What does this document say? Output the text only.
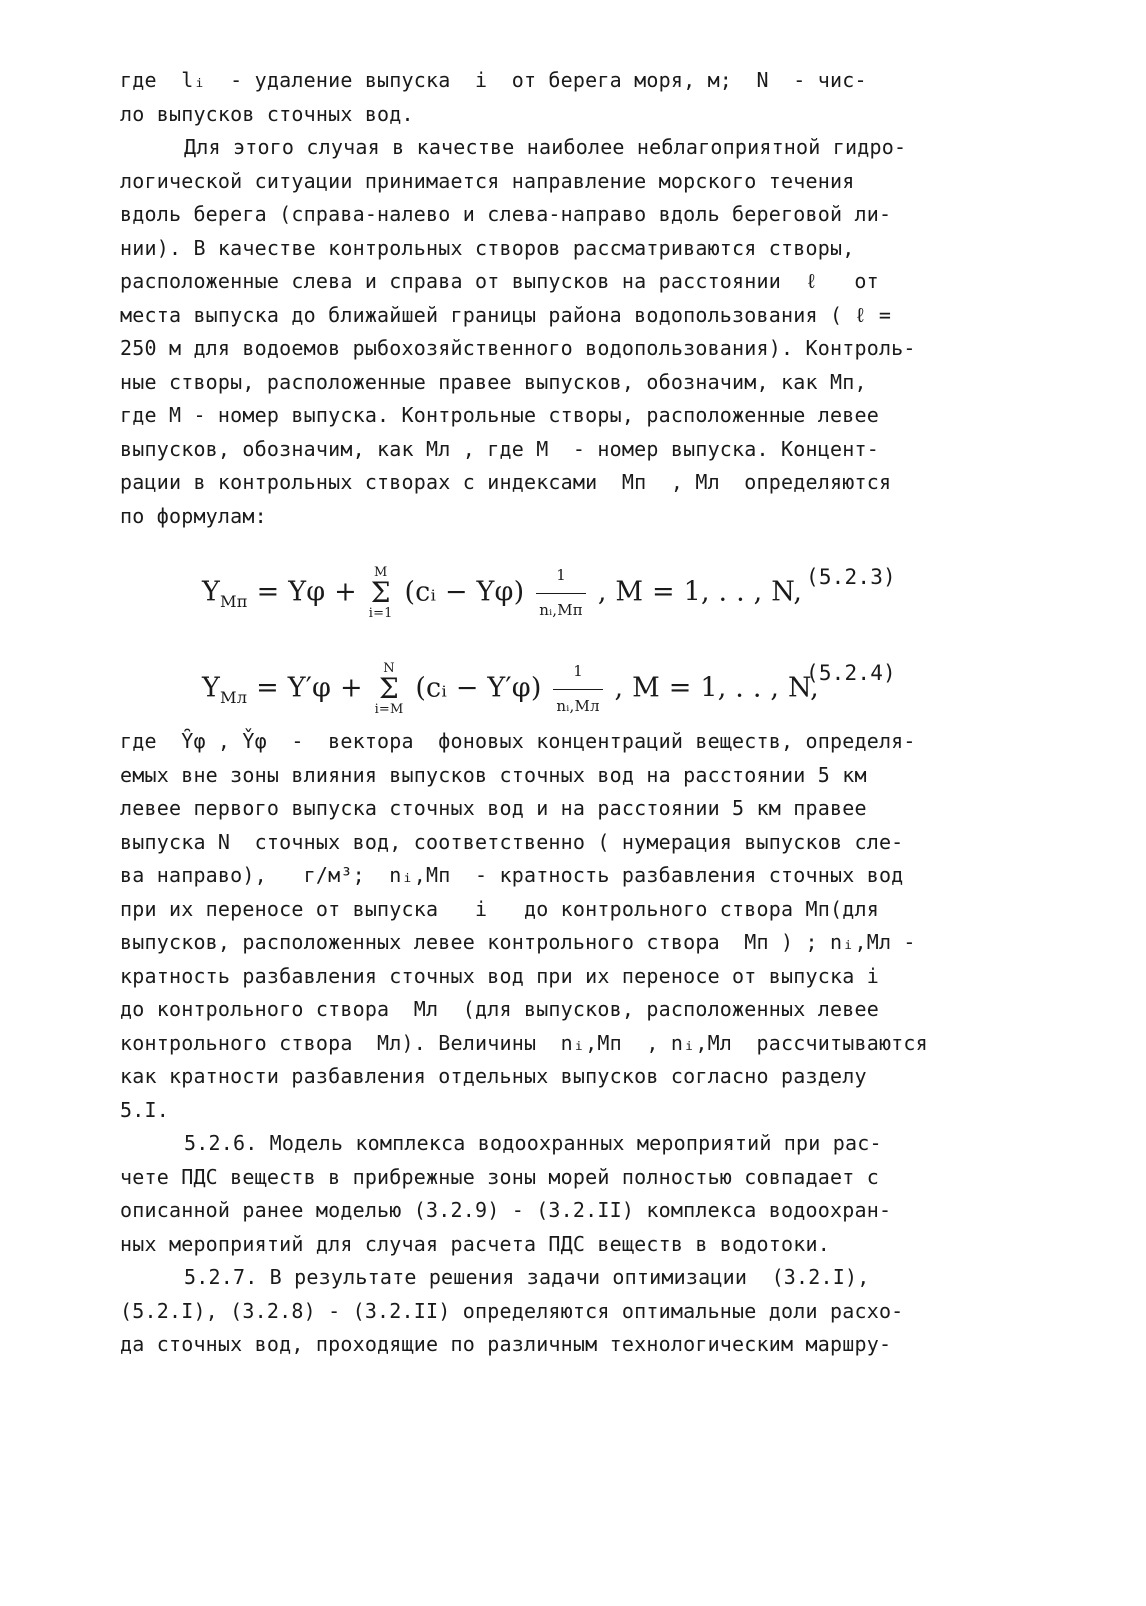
где  lᵢ  - удаление выпуска  i  от берега моря, м;  N  - чис-
ло выпусков сточных вод.
Для этого случая в качестве наиболее неблагоприятной гидро-
логической ситуации принимается направление морского течения
вдоль берега (справа-налево и слева-направо вдоль береговой ли-
нии). В качестве контрольных створов рассматриваются створы,
расположенные слева и справа от выпусков на расстоянии  ℓ   от
места выпуска до ближайшей границы района водопользования ( ℓ =
250 м для водоемов рыбохозяйственного водопользования). Контроль-
ные створы, расположенные правее выпусков, обозначим, как Mп,
где M - номер выпуска. Контрольные створы, расположенные левее
выпусков, обозначим, как Mл , где M  - номер выпуска. Концент-
рации в контрольных створах с индексами  Mп  , Mл  определяются
по формулам:
$Y_{Mп} = Y\varphi$ +
M
Σ
i=1
(cᵢ − $Y\varphi) \frac{1}{\text{nᵢ,Mп}}$ , M = 1, . . , N, (5.2.3)
$Y_{Mл} = Y'\varphi$ +
N
Σ
i=M
(cᵢ − $Y'\varphi) \frac{1}{\text{nᵢ,Mл}}$ , M = 1, . . , N,
(5.2.4)
где  Y̑φ , Y̌φ  -  вектора  фоновых концентраций веществ, определя-
емых вне зоны влияния выпусков сточных вод на расстоянии 5 км
левее первого выпуска сточных вод и на расстоянии 5 км правее
выпуска N  сточных вод, соответственно ( нумерация выпусков сле-
ва направо),   г/м³;  nᵢ,Mп  - кратность разбавления сточных вод
при их переносе от выпуска   i   до контрольного створа Mп(для
выпусков, расположенных левее контрольного створа  Mп ) ; nᵢ,Mл -
кратность разбавления сточных вод при их переносе от выпуска i
до контрольного створа  Mл  (для выпусков, расположенных левее
контрольного створа  Mл). Величины  nᵢ,Mп  , nᵢ,Mл  рассчитываются
как кратности разбавления отдельных выпусков согласно разделу
5.I.
5.2.6. Модель комплекса водоохранных мероприятий при рас-
чете ПДС веществ в прибрежные зоны морей полностью совпадает с
описанной ранее моделью (3.2.9) - (3.2.II) комплекса водоохран-
ных мероприятий для случая расчета ПДС веществ в водотоки.
5.2.7. В результате решения задачи оптимизации  (3.2.I),
(5.2.I), (3.2.8) - (3.2.II) определяются оптимальные доли расхо-
да сточных вод, проходящие по различным технологическим маршру-
